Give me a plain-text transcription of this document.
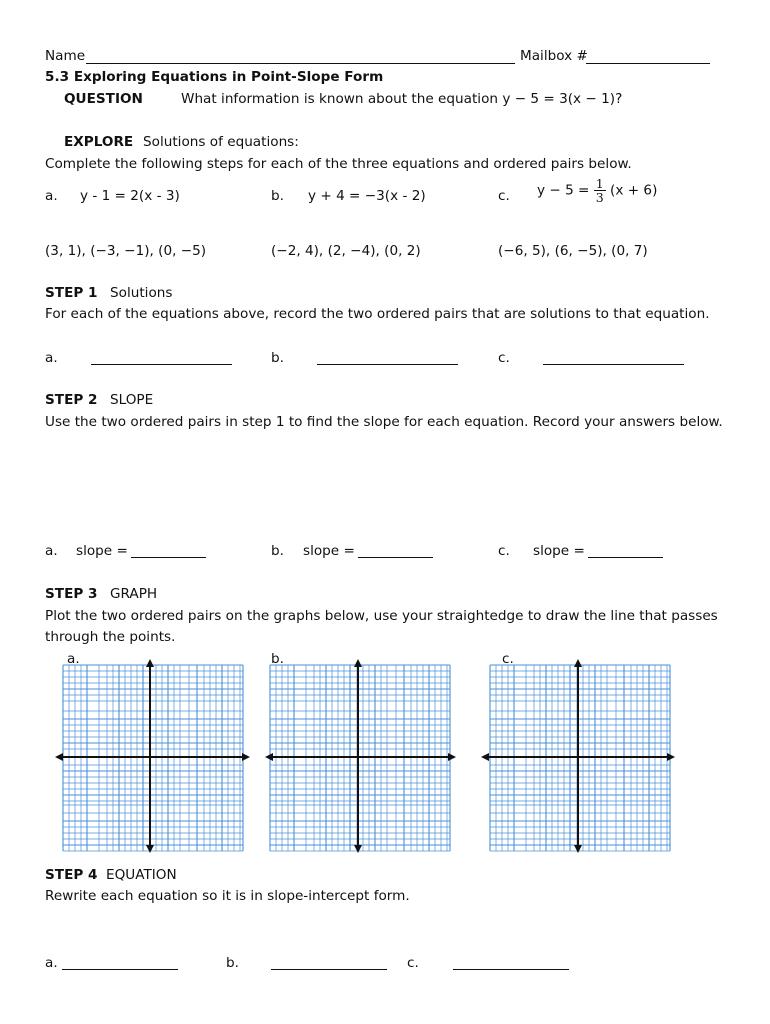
Name	Mailbox #
5.3 Exploring Equations in Point-Slope Form
QUESTION	What information is known about the equation y − 5 = 3(x − 1)?
EXPLORE Solutions of equations:
Complete the following steps for each of the three equations and ordered pairs below.
a. y - 1 = 2(x - 3)	b. y + 4 = −3(x - 2)	c. $y - 5 = \frac{1}{3} (x + 6)$
(3, 1), (−3, −1), (0, −5)	(−2, 4), (2, −4), (0, 2)	(−6, 5), (6, −5), (0, 7)
STEP 1 Solutions
For each of the equations above, record the two ordered pairs that are solutions to that equation.
a.	b.	c.
STEP 2 SLOPE
Use the two ordered pairs in step 1 to find the slope for each equation. Record your answers below.
a. slope =	b. slope =	c. slope =
STEP 3 GRAPH
Plot the two ordered pairs on the graphs below, use your straightedge to draw the line that passes
through the points.
a.	b.	c.
STEP 4 EQUATION
Rewrite each equation so it is in slope-intercept form.
a.	b.	c.
